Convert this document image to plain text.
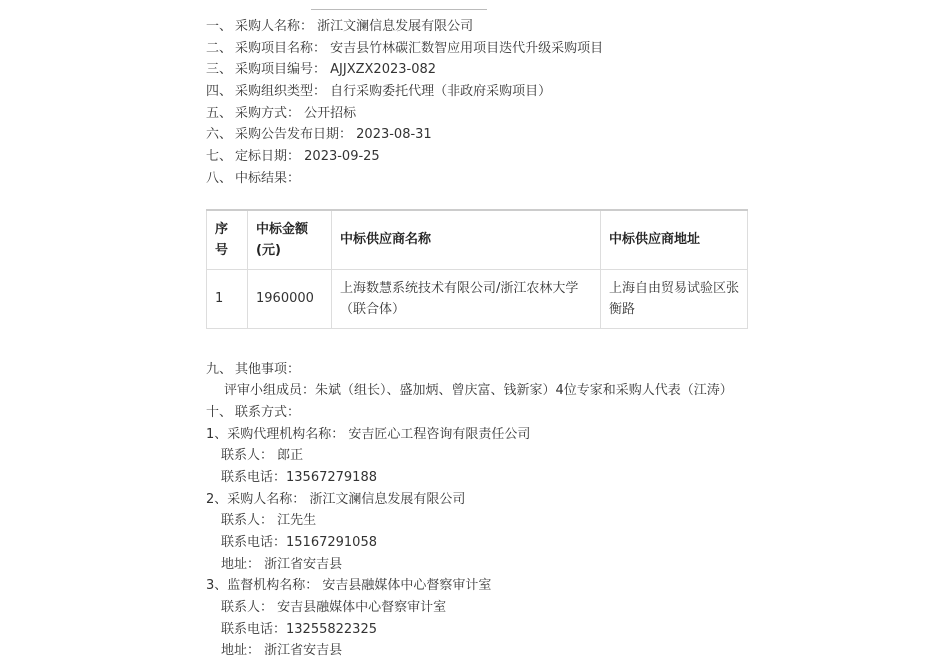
一、 采购人名称： 浙江文澜信息发展有限公司
二、 采购项目名称： 安吉县竹林碳汇数智应用项目迭代升级采购项目
三、 采购项目编号： AJJXZX2023-082
四、 采购组织类型： 自行采购委托代理（非政府采购项目）
五、 采购方式： 公开招标
六、 采购公告发布日期： 2023-08-31
七、 定标日期： 2023-09-25
八、 中标结果：
序号	中标金额(元)	中标供应商名称	中标供应商地址
1	1960000	上海数慧系统技术有限公司/浙江农林大学（联合体）	上海自由贸易试验区张衡路
九、 其他事项：
评审小组成员：朱斌（组长）、盛加炳、曾庆富、钱新家）4位专家和采购人代表（江涛）
十、 联系方式：
1、采购代理机构名称： 安吉匠心工程咨询有限责任公司
联系人： 郎正
联系电话：13567279188
2、采购人名称： 浙江文澜信息发展有限公司
联系人： 江先生
联系电话：15167291058
地址： 浙江省安吉县
3、监督机构名称： 安吉县融媒体中心督察审计室
联系人： 安吉县融媒体中心督察审计室
联系电话：13255822325
地址： 浙江省安吉县
